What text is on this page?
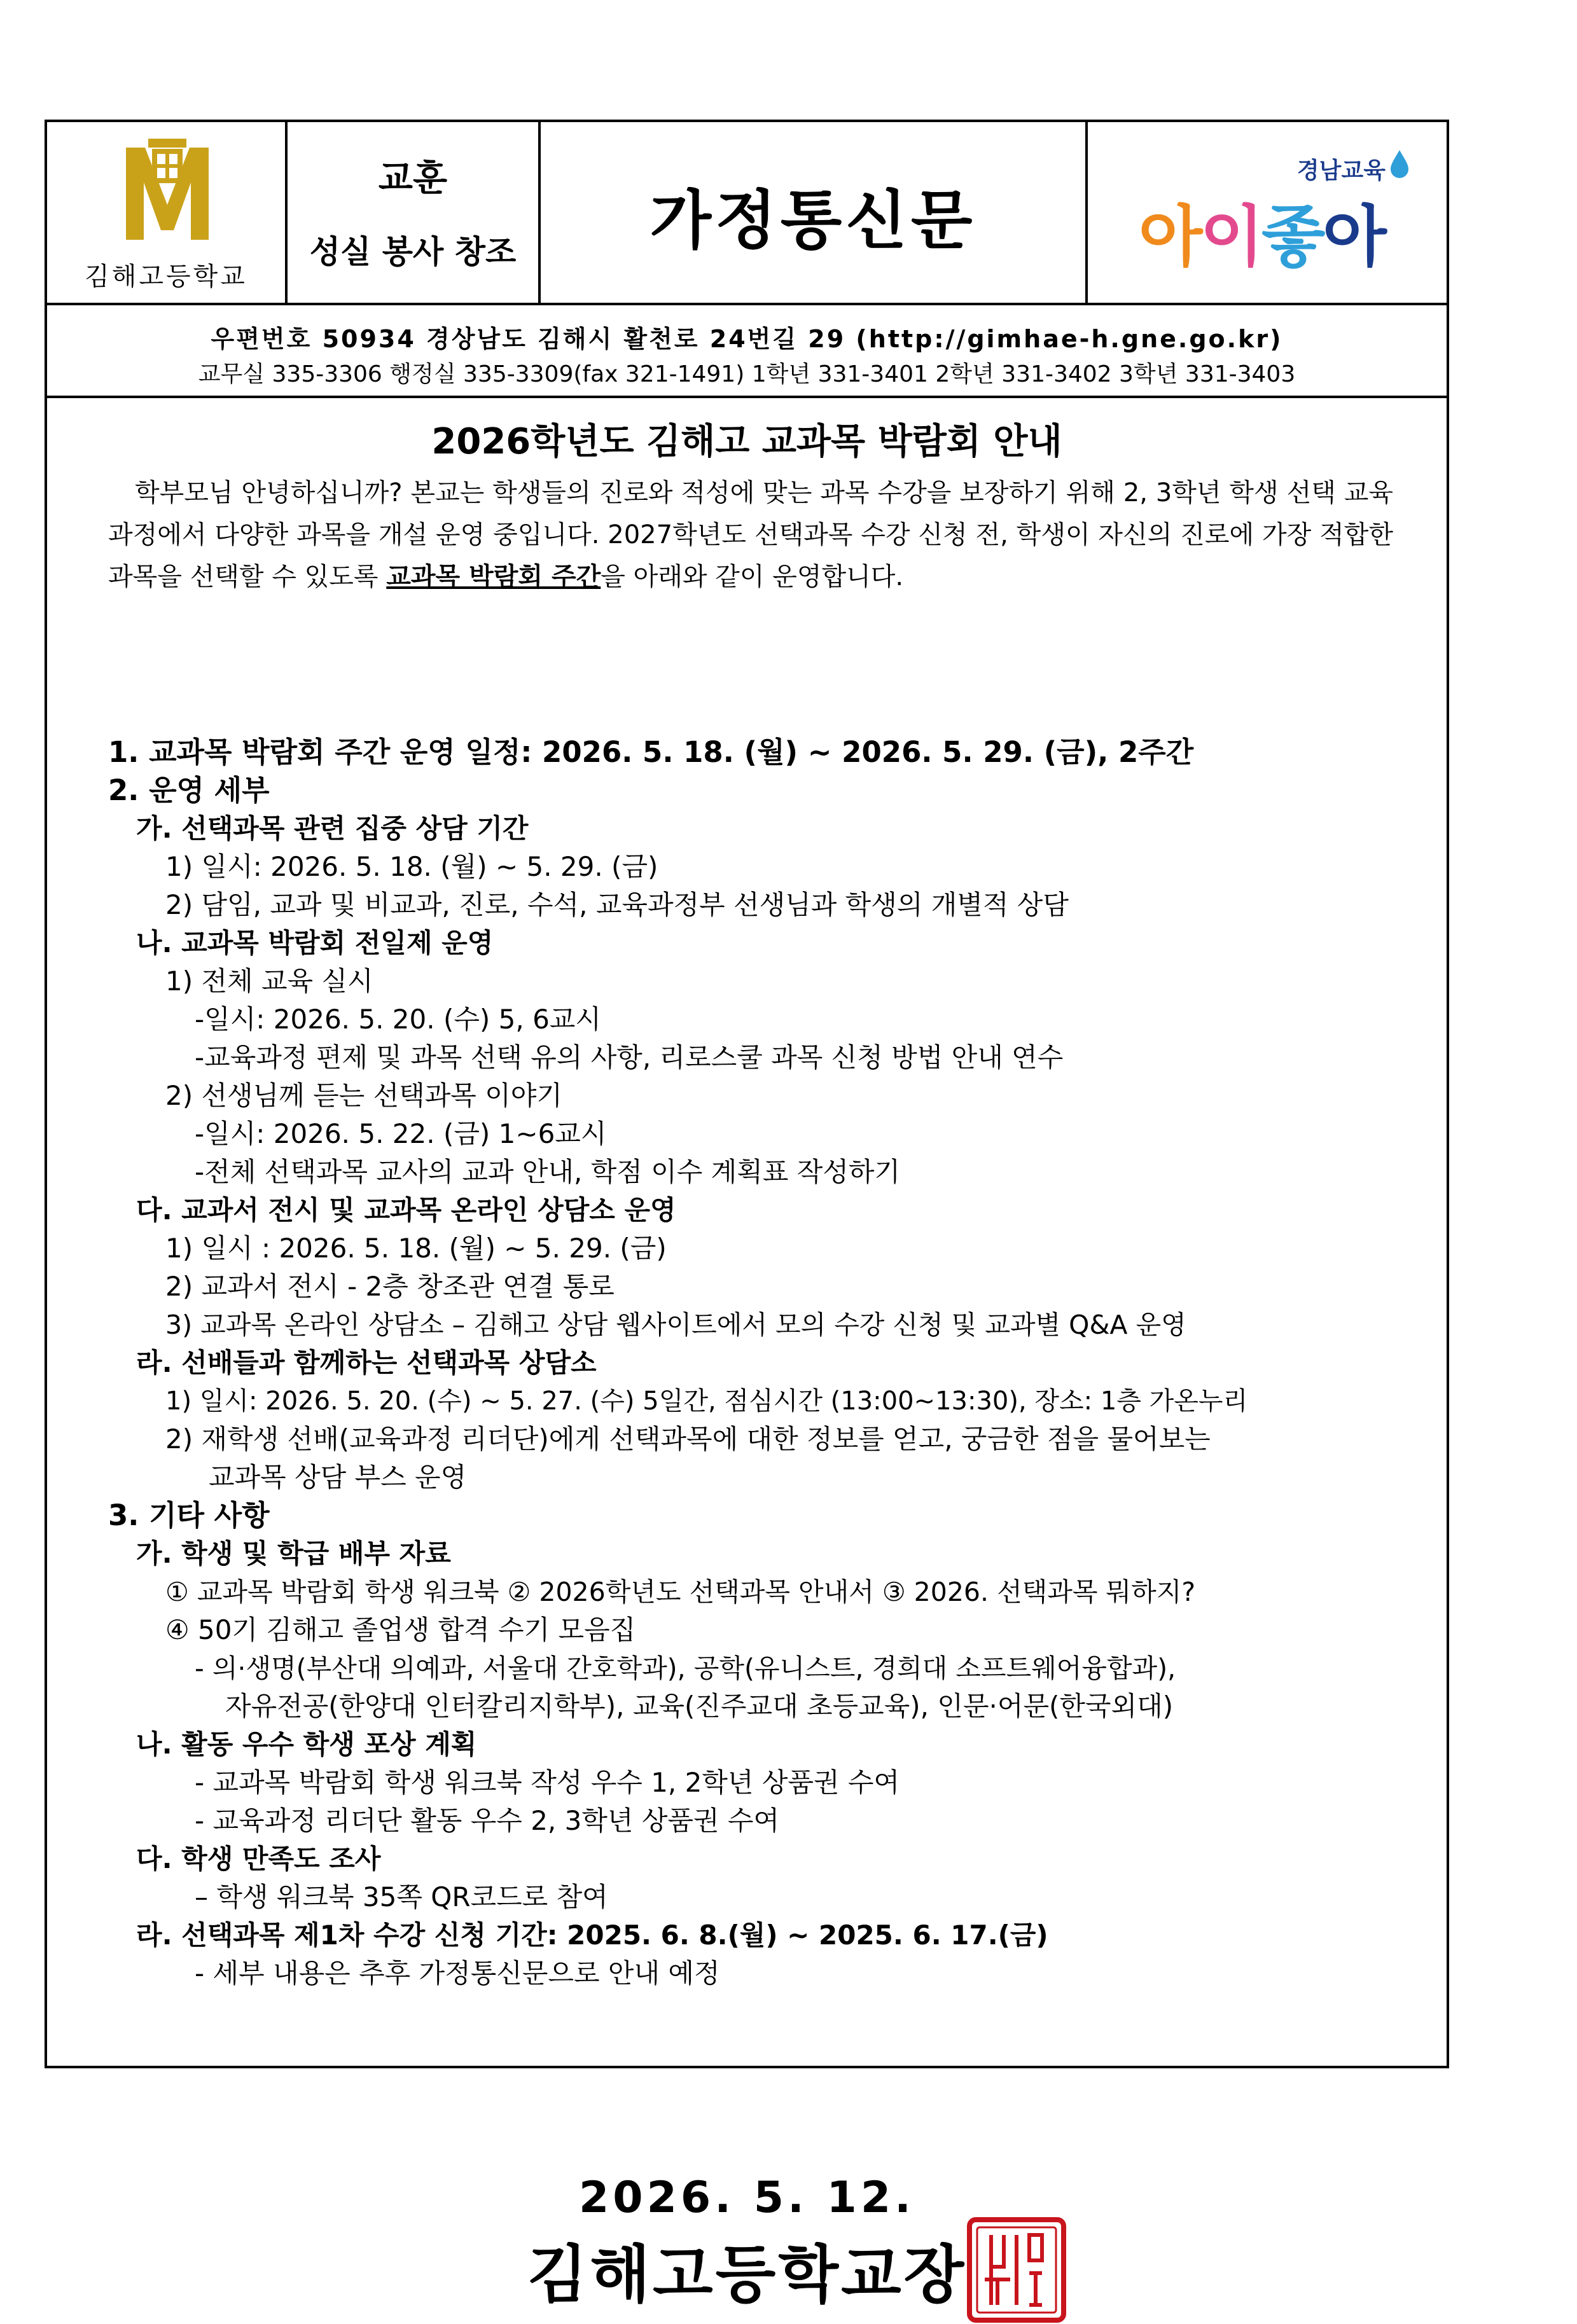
김해고등학교
교훈
성실 봉사 창조	가정통신문
경남교육
아이좋아
우편번호 50934 경상남도 김해시 활천로 24번길 29 (http://gimhae-h.gne.go.kr)
교무실 335-3306 행정실 335-3309(fax 321-1491) 1학년 331-3401 2학년 331-3402 3학년 331-3403
2026학년도 김해고 교과목 박람회 안내
학부모님 안녕하십니까? 본교는 학생들의 진로와 적성에 맞는 과목 수강을 보장하기 위해 2, 3학년 학생 선택 교육과정에서 다양한 과목을 개설 운영 중입니다. 2027학년도 선택과목 수강 신청 전, 학생이 자신의 진로에 가장 적합한 과목을 선택할 수 있도록 교과목 박람회 주간을 아래와 같이 운영합니다.
1. 교과목 박람회 주간 운영 일정: 2026. 5. 18. (월) ~ 2026. 5. 29. (금), 2주간
2. 운영 세부
가. 선택과목 관련 집중 상담 기간
1) 일시: 2026. 5. 18. (월) ~ 5. 29. (금)
2) 담임, 교과 및 비교과, 진로, 수석, 교육과정부 선생님과 학생의 개별적 상담
나. 교과목 박람회 전일제 운영
1) 전체 교육 실시
-일시: 2026. 5. 20. (수) 5, 6교시
-교육과정 편제 및 과목 선택 유의 사항, 리로스쿨 과목 신청 방법 안내 연수
2) 선생님께 듣는 선택과목 이야기
-일시: 2026. 5. 22. (금) 1~6교시
-전체 선택과목 교사의 교과 안내, 학점 이수 계획표 작성하기
다. 교과서 전시 및 교과목 온라인 상담소 운영
1) 일시 : 2026. 5. 18. (월) ~ 5. 29. (금)
2) 교과서 전시 - 2층 창조관 연결 통로
3) 교과목 온라인 상담소 – 김해고 상담 웹사이트에서 모의 수강 신청 및 교과별 Q&A 운영
라. 선배들과 함께하는 선택과목 상담소
1) 일시: 2026. 5. 20. (수) ~ 5. 27. (수) 5일간, 점심시간 (13:00~13:30), 장소: 1층 가온누리
2) 재학생 선배(교육과정 리더단)에게 선택과목에 대한 정보를 얻고, 궁금한 점을 물어보는
교과목 상담 부스 운영
3. 기타 사항
가. 학생 및 학급 배부 자료
① 교과목 박람회 학생 워크북 ② 2026학년도 선택과목 안내서 ③ 2026. 선택과목 뭐하지?
④ 50기 김해고 졸업생 합격 수기 모음집
- 의·생명(부산대 의예과, 서울대 간호학과), 공학(유니스트, 경희대 소프트웨어융합과),
자유전공(한양대 인터칼리지학부), 교육(진주교대 초등교육), 인문·어문(한국외대)
나. 활동 우수 학생 포상 계획
- 교과목 박람회 학생 워크북 작성 우수 1, 2학년 상품권 수여
- 교육과정 리더단 활동 우수 2, 3학년 상품권 수여
다. 학생 만족도 조사
– 학생 워크북 35쪽 QR코드로 참여
라. 선택과목 제1차 수강 신청 기간: 2025. 6. 8.(월) ~ 2025. 6. 17.(금)
- 세부 내용은 추후 가정통신문으로 안내 예정
2026. 5. 12.
김해고등학교장
